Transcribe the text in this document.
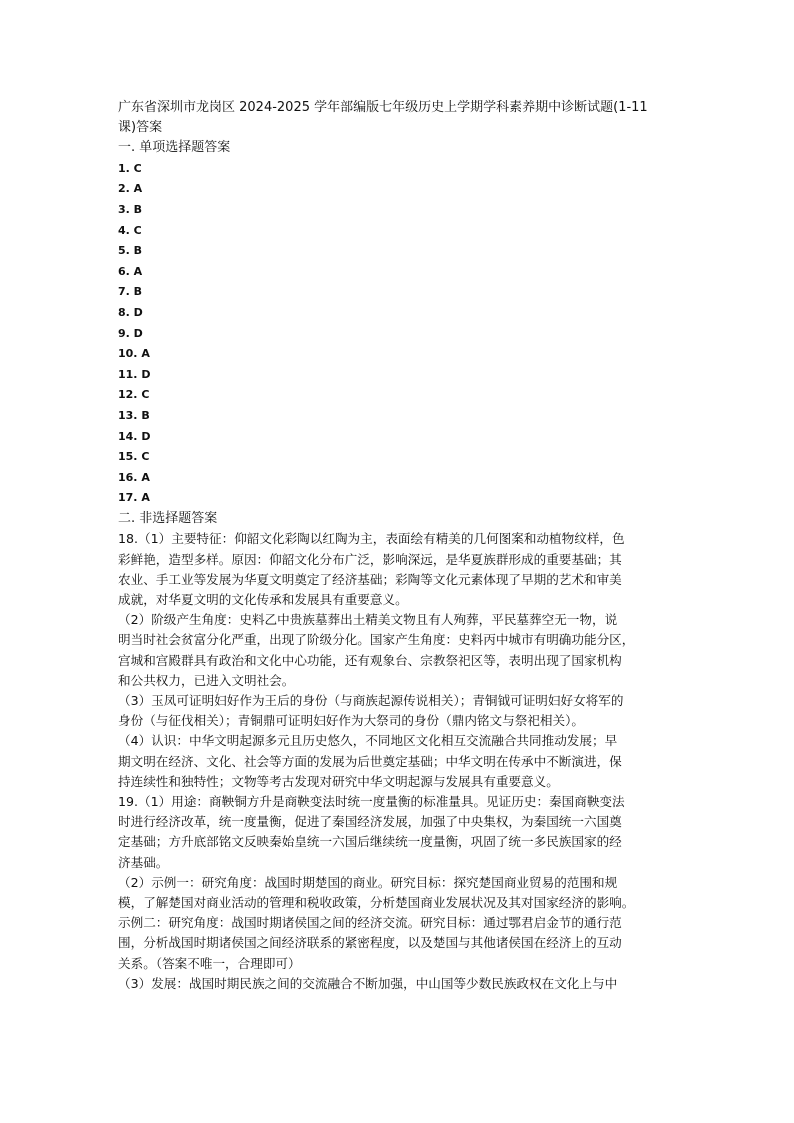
广东省深圳市龙岗区 2024-2025 学年部编版七年级历史上学期学科素养期中诊断试题(1-11
课)答案
一. 单项选择题答案
1. C
2. A
3. B
4. C
5. B
6. A
7. B
8. D
9. D
10. A
11. D
12. C
13. B
14. D
15. C
16. A
17. A
二. 非选择题答案
18.（1）主要特征：仰韶文化彩陶以红陶为主，表面绘有精美的几何图案和动植物纹样，色
彩鲜艳，造型多样。原因：仰韶文化分布广泛，影响深远，是华夏族群形成的重要基础；其
农业、手工业等发展为华夏文明奠定了经济基础；彩陶等文化元素体现了早期的艺术和审美
成就，对华夏文明的文化传承和发展具有重要意义。
（2）阶级产生角度：史料乙中贵族墓葬出土精美文物且有人殉葬，平民墓葬空无一物，说
明当时社会贫富分化严重，出现了阶级分化。国家产生角度：史料丙中城市有明确功能分区，
宫城和宫殿群具有政治和文化中心功能，还有观象台、宗教祭祀区等，表明出现了国家机构
和公共权力，已进入文明社会。
（3）玉凤可证明妇好作为王后的身份（与商族起源传说相关）；青铜钺可证明妇好女将军的
身份（与征伐相关）；青铜鼎可证明妇好作为大祭司的身份（鼎内铭文与祭祀相关）。
（4）认识：中华文明起源多元且历史悠久，不同地区文化相互交流融合共同推动发展；早
期文明在经济、文化、社会等方面的发展为后世奠定基础；中华文明在传承中不断演进，保
持连续性和独特性；文物等考古发现对研究中华文明起源与发展具有重要意义。
19.（1）用途：商鞅铜方升是商鞅变法时统一度量衡的标准量具。见证历史：秦国商鞅变法
时进行经济改革，统一度量衡，促进了秦国经济发展，加强了中央集权，为秦国统一六国奠
定基础；方升底部铭文反映秦始皇统一六国后继续统一度量衡，巩固了统一多民族国家的经
济基础。
（2）示例一：研究角度：战国时期楚国的商业。研究目标：探究楚国商业贸易的范围和规
模，了解楚国对商业活动的管理和税收政策，分析楚国商业发展状况及其对国家经济的影响。
示例二：研究角度：战国时期诸侯国之间的经济交流。研究目标：通过鄂君启金节的通行范
围，分析战国时期诸侯国之间经济联系的紧密程度，以及楚国与其他诸侯国在经济上的互动
关系。（答案不唯一，合理即可）
（3）发展：战国时期民族之间的交流融合不断加强，中山国等少数民族政权在文化上与中
